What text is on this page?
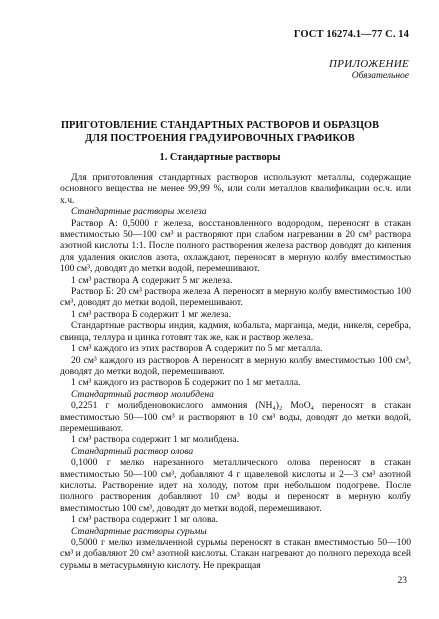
ГОСТ 16274.1—77 С. 14
ПРИЛОЖЕНИЕ
Обязательное
ПРИГОТОВЛЕНИЕ СТАНДАРТНЫХ РАСТВОРОВ И ОБРАЗЦОВ
ДЛЯ ПОСТРОЕНИЯ ГРАДУИРОВОЧНЫХ ГРАФИКОВ
1. Стандартные растворы

Для приготовления стандартных растворов используют металлы, содержащие основного вещества не менее 99,99 %, или соли металлов квалификации ос.ч. или х.ч.

Стандартные растворы железа

Раствор А: 0,5000 г железа, восстановленного водородом, переносят в стакан вместимостью 50—100 см³ и растворяют при слабом нагревании в 20 см³ раствора азотной кислоты 1:1. После полного растворения железа раствор доводят до кипения для удаления окислов азота, охлаждают, переносят в мерную колбу вместимостью 100 см³, доводят до метки водой, перемешивают.

1 см³ раствора А содержит 5 мг железа.

Раствор Б: 20 см³ раствора железа А переносят в мерную колбу вместимостью 100 см³, доводят до метки водой, перемешивают.

1 см³ раствора Б содержит 1 мг железа.

Стандартные растворы индия, кадмия, кобальта, марганца, меди, никеля, серебра, свинца, теллура и цинка готовят так же, как и раствор железа.

1 см³ каждого из этих растворов А содержит по 5 мг металла.

20 см³ каждого из растворов А переносят в мерную колбу вместимостью 100 см³, доводят до метки водой, перемешивают.

1 см³ каждого из растворов Б содержит по 1 мг металла.

Стандартный раствор молибдена

0,2251 г молибденовокислого аммония (NH₄)₂ MoO₄ переносят в стакан вместимостью 50—100 см³ и растворяют в 10 см³ воды, доводят до метки водой, перемешивают.

1 см³ раствора содержит 1 мг молибдена.

Стандартный раствор олова

0,1000 г мелко нарезанного металлического олова переносят в стакан вместимостью 50—100 см³, добавляют 4 г щавелевой кислоты и 2—3 см³ азотной кислоты. Растворение идет на холоду, потом при небольшом подогреве. После полного растворения добавляют 10 см³ воды и переносят в мерную колбу вместимостью 100 см³, доводят до метки водой, перемешивают.

1 см³ раствора содержит 1 мг олова.

Стандартные растворы сурьмы

0,5000 г мелко измельченной сурьмы переносят в стакан вместимостью 50—100 см³ и добавляют 20 см³ азотной кислоты. Стакан нагревают до полного перехода всей сурьмы в метасурьмяную кислоту. Не прекращая

23
